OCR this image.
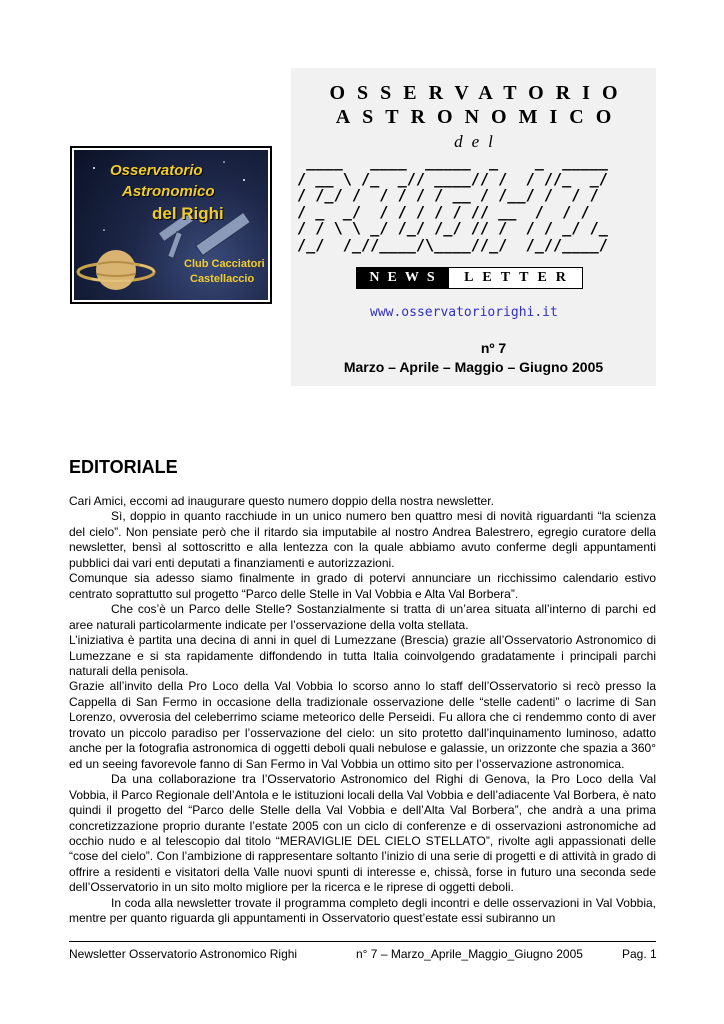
Osservatorio
Astronomico
del Righi
Club Cacciatori
Castellaccio
OSSERVATORIO
ASTRONOMICO
del
____   ____  _____  _    _  _____
/ __ \ /_  _// ____// /  / //_  _/
/ /_/ /  / / / / __ / /__/ /  / /
/ _  _/  / / / / / // __  /  / /
/ / \ \ _/ /_/ /_/ // /  / / _/ /_
/_/  /_//____/\____//_/  /_//____/
NEWS	LETTER
www.osservatoriorighi.it
nº 7
Marzo – Aprile – Maggio – Giugno 2005
EDITORIALE

Cari Amici, eccomi ad inaugurare questo numero doppio della nostra newsletter.

Sì, doppio in quanto racchiude in un unico numero ben quattro mesi di novità riguardanti “la scienza del cielo”. Non pensiate però che il ritardo sia imputabile al nostro Andrea Balestrero, egregio curatore della newsletter, bensì al sottoscritto e alla lentezza con la quale abbiamo avuto conferme degli appuntamenti pubblici dai vari enti deputati a finanziamenti e autorizzazioni.

Comunque sia adesso siamo finalmente in grado di potervi annunciare un ricchissimo calendario estivo centrato soprattutto sul progetto “Parco delle Stelle in Val Vobbia e Alta Val Borbera”.

Che cos’è un Parco delle Stelle? Sostanzialmente si tratta di un’area situata all’interno di parchi ed aree naturali particolarmente indicate per l’osservazione della volta stellata.

L’iniziativa è partita una decina di anni in quel di Lumezzane (Brescia) grazie all’Osservatorio Astronomico di Lumezzane e si sta rapidamente diffondendo in tutta Italia coinvolgendo gradatamente i principali parchi naturali della penisola.

Grazie all’invito della Pro Loco della Val Vobbia lo scorso anno lo staff dell’Osservatorio si recò presso la Cappella di San Fermo in occasione della tradizionale osservazione delle “stelle cadenti” o lacrime di San Lorenzo, ovverosia del celeberrimo sciame meteorico delle Perseidi. Fu allora che ci rendemmo conto di aver trovato un piccolo paradiso per l’osservazione del cielo: un sito protetto dall’inquinamento luminoso, adatto anche per la fotografia astronomica di oggetti deboli quali nebulose e galassie, un orizzonte che spazia a 360° ed un seeing favorevole fanno di San Fermo in Val Vobbia un ottimo sito per l’osservazione astronomica.

Da una collaborazione tra l’Osservatorio Astronomico del Righi di Genova, la Pro Loco della Val Vobbia, il Parco Regionale dell’Antola e le istituzioni locali della Val Vobbia e dell’adiacente Val Borbera, è nato quindi il progetto del “Parco delle Stelle della Val Vobbia e dell’Alta Val Borbera”, che andrà a una prima concretizzazione proprio durante l’estate 2005 con un ciclo di conferenze e di osservazioni astronomiche ad occhio nudo e al telescopio dal titolo “MERAVIGLIE DEL CIELO STELLATO”, rivolte agli appassionati delle “cose del cielo”. Con l’ambizione di rappresentare soltanto l’inizio di una serie di progetti e di attività in grado di offrire a residenti e visitatori della Valle nuovi spunti di interesse e, chissà, forse in futuro una seconda sede dell’Osservatorio in un sito molto migliore per la ricerca e le riprese di oggetti deboli.

In coda alla newsletter trovate il programma completo degli incontri e delle osservazioni in Val Vobbia, mentre per quanto riguarda gli appuntamenti in Osservatorio quest’estate essi subiranno un

Newsletter Osservatorio Astronomico Righi	n° 7 – Marzo_Aprile_Maggio_Giugno 2005	Pag. 1
